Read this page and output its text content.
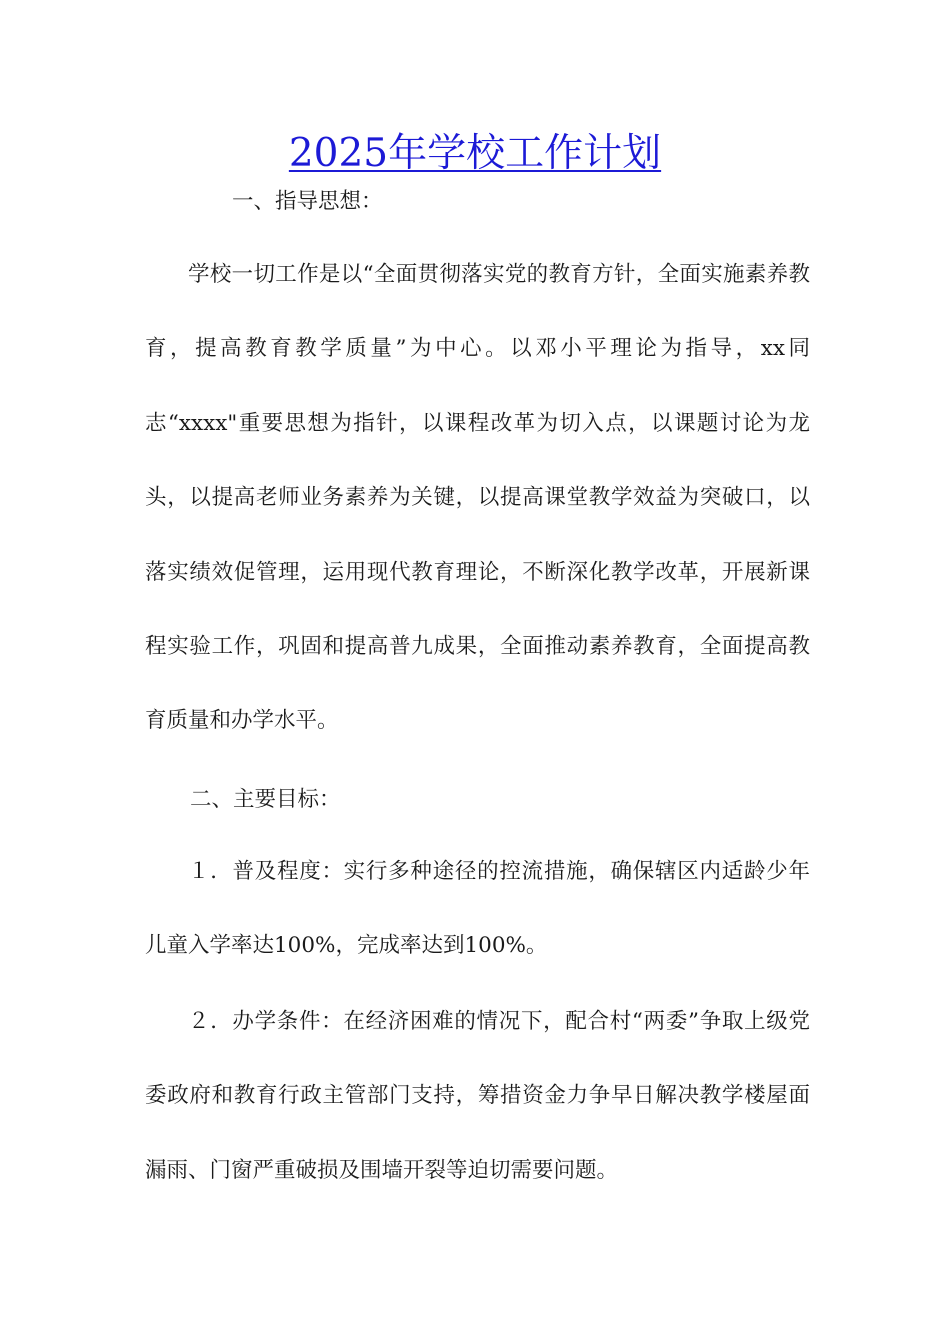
2025年学校工作计划

一、指导思想：

学校一切工作是以“全面贯彻落实党的教育方针，全面实施素养教育，提高教育教学质量”为中心。以邓小平理论为指导，xx同志“xxxx"重要思想为指针，以课程改革为切入点，以课题讨论为龙头，以提高老师业务素养为关键，以提高课堂教学效益为突破口，以落实绩效促管理，运用现代教育理论，不断深化教学改革，开展新课程实验工作，巩固和提高普九成果，全面推动素养教育，全面提高教育质量和办学水平。

二、主要目标：

１．普及程度：实行多种途径的控流措施，确保辖区内适龄少年儿童入学率达100%，完成率达到100%。

２．办学条件：在经济困难的情况下，配合村“两委”争取上级党委政府和教育行政主管部门支持，筹措资金力争早日解决教学楼屋面漏雨、门窗严重破损及围墙开裂等迫切需要问题。
